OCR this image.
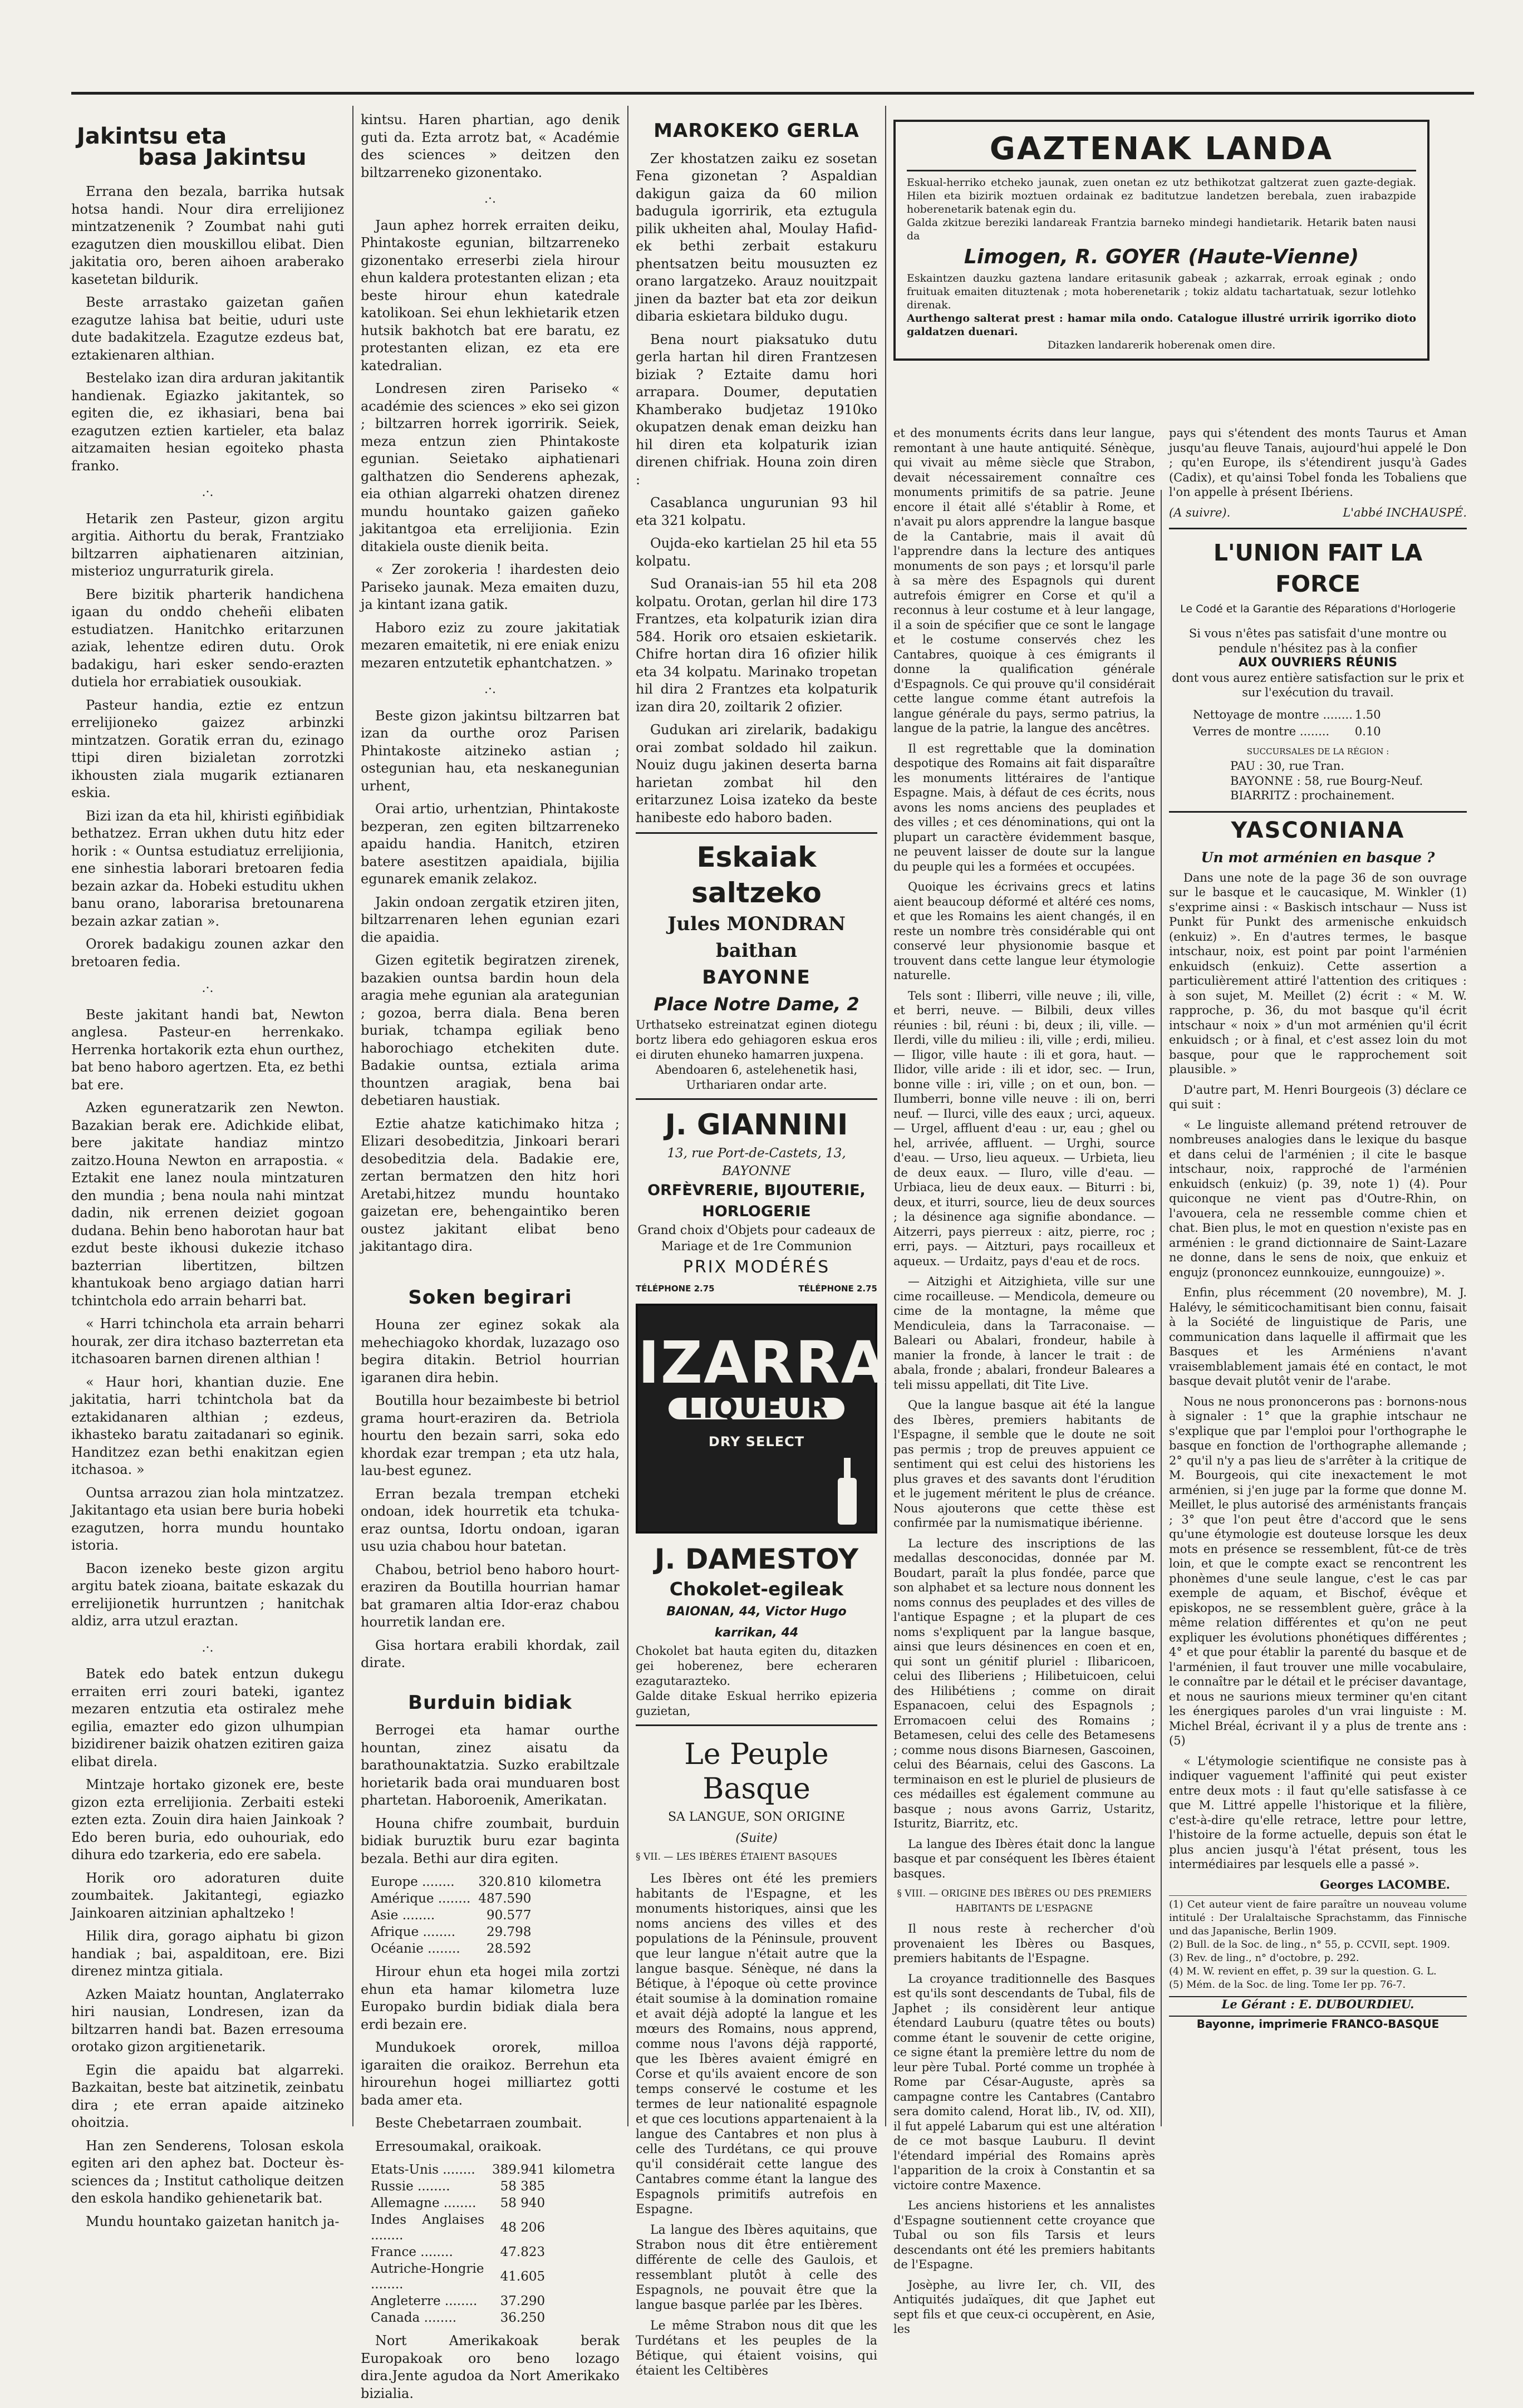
Jakintsu eta
basa Jakintsu

Errana den bezala, barrika hutsak hotsa handi. Nour dira errelijionez mintzatzenenik ? Zoumbat nahi guti ezagutzen dien mouskillou elibat. Dien jakitatia oro, beren aihoen araberako kasetetan bildurik.

Beste arrastako gaizetan gañen ezagutze lahisa bat beitie, uduri uste dute badakitzela. Ezagutze ezdeus bat, eztakienaren althian.

Bestelako izan dira arduran jakitantik handienak. Egiazko jakitantek, so egiten die, ez ikhasiari, bena bai ezagutzen eztien kartieler, eta balaz aitzamaiten hesian egoiteko phasta franko.

.·.

Hetarik zen Pasteur, gizon argitu argitia. Aithortu du berak, Frantziako biltzarren aiphatienaren aitzinian, misterioz ungurraturik girela.

Bere bizitik pharterik handichena igaan du onddo cheheñi elibaten estudiatzen. Hanitchko eritarzunen aziak, lehentze ediren dutu. Orok badakigu, hari esker sendo-erazten dutiela hor errabiatiek ousoukiak.

Pasteur handia, eztie ez entzun errelijioneko gaizez arbinzki mintzatzen. Goratik erran du, ezinago ttipi diren bizialetan zorrotzki ikhousten ziala mugarik eztianaren eskia.

Bizi izan da eta hil, khiristi egiñbidiak bethatzez. Erran ukhen dutu hitz eder horik : « Ountsa estudiatuz errelijionia, ene sinhestia laborari bretoaren fedia bezain azkar da. Hobeki estuditu ukhen banu orano, laborarisa bretounarena bezain azkar zatian ».

Ororek badakigu zounen azkar den bretoaren fedia.

.·.

Beste jakitant handi bat, Newton anglesa. Pasteur-en herrenkako. Herrenka hortakorik ezta ehun ourthez, bat beno haboro agertzen. Eta, ez bethi bat ere.

Azken eguneratzarik zen Newton. Bazakian berak ere. Adichkide elibat, bere jakitate handiaz mintzo zaitzo.Houna Newton en arrapostia. « Eztakit ene lanez noula mintzaturen den mundia ; bena noula nahi mintzat dadin, nik errenen deiziet gogoan dudana. Behin beno haborotan haur bat ezdut beste ikhousi dukezie itchaso bazterrian libertitzen, biltzen khantukoak beno argiago datian harri tchintchola edo arrain beharri bat.

« Harri tchinchola eta arrain beharri hourak, zer dira itchaso bazterretan eta itchasoaren barnen direnen althian !

« Haur hori, khantian duzie. Ene jakitatia, harri tchintchola bat da eztakidanaren althian ; ezdeus, ikhasteko baratu zaitadanari so eginik. Handitzez ezan bethi enakitzan egien itchasoa. »

Ountsa arrazou zian hola mintzatzez. Jakitantago eta usian bere buria hobeki ezagutzen, horra mundu hountako istoria.

Bacon izeneko beste gizon argitu argitu batek zioana, baitate eskazak du errelijionetik hurruntzen ; hanitchak aldiz, arra utzul eraztan.

.·.

Batek edo batek entzun dukegu erraiten erri zouri bateki, igantez mezaren entzutia eta ostiralez mehe egilia, emazter edo gizon ulhumpian bizidirener baizik ohatzen ezitiren gaiza elibat direla.

Mintzaje hortako gizonek ere, beste gizon ezta errelijionia. Zerbaiti esteki ezten ezta. Zouin dira haien Jainkoak ? Edo beren buria, edo ouhouriak, edo dihura edo tzarkeria, edo ere sabela.

Horik oro adoraturen duite zoumbaitek. Jakitantegi, egiazko Jainkoaren aitzinian aphaltzeko !

Hilik dira, gorago aiphatu bi gizon handiak ; bai, aspalditoan, ere. Bizi direnez mintza gitiala.

Azken Maiatz hountan, Anglaterrako hiri nausian, Londresen, izan da biltzarren handi bat. Bazen erresouma orotako gizon argitienetarik.

Egin die apaidu bat algarreki. Bazkaitan, beste bat aitzinetik, zeinbatu dira ; ete erran apaide aitzineko ohoitzia.

Han zen Senderens, Tolosan eskola egiten ari den aphez bat. Docteur ès-sciences da ; Institut catholique deitzen den eskola handiko gehienetarik bat.

Mundu hountako gaizetan hanitch ja-

kintsu. Haren phartian, ago denik guti da. Ezta arrotz bat, « Académie des sciences » deitzen den biltzarreneko gizonentako.

.·.

Jaun aphez horrek erraiten deiku, Phintakoste egunian, biltzarreneko gizonentako erreserbi ziela hirour ehun kaldera protestanten elizan ; eta beste hirour ehun katedrale katolikoan. Sei ehun lekhietarik etzen hutsik bakhotch bat ere baratu, ez protestanten elizan, ez eta ere katedralian.

Londresen ziren Pariseko « académie des sciences » eko sei gizon ; biltzarren horrek igorririk. Seiek, meza entzun zien Phintakoste egunian. Seietako aiphatienari galthatzen dio Senderens aphezak, eia othian algarreki ohatzen direnez mundu hountako gaizen gañeko jakitantgoa eta errelijionia. Ezin ditakiela ouste dienik beita.

« Zer zorokeria ! ihardesten deio Pariseko jaunak. Meza emaiten duzu, ja kintant izana gatik.

Haboro eziz zu zoure jakitatiak mezaren emaitetik, ni ere eniak enizu mezaren entzutetik ephantchatzen. »

.·.

Beste gizon jakintsu biltzarren bat izan da ourthe oroz Parisen Phintakoste aitzineko astian ; ostegunian hau, eta neskanegunian urhent,

Orai artio, urhentzian, Phintakoste bezperan, zen egiten biltzarreneko apaidu handia. Hanitch, etziren batere asestitzen apaidiala, bijilia egunarek emanik zelakoz.

Jakin ondoan zergatik etziren jiten, biltzarrenaren lehen egunian ezari die apaidia.

Gizen egitetik begiratzen zirenek, bazakien ountsa bardin houn dela aragia mehe egunian ala arategunian ; gozoa, berra diala. Bena beren buriak, tchampa egiliak beno haborochiago etchekiten dute. Badakie ountsa, eztiala arima thountzen aragiak, bena bai debetiaren haustiak.

Eztie ahatze katichimako hitza ; Elizari desobeditzia, Jinkoari berari desobeditzia dela. Badakie ere, zertan bermatzen den hitz hori Aretabi,hitzez mundu hountako gaizetan ere, behengaintiko beren oustez jakitant elibat beno jakitantago dira.

Soken begirari

Houna zer eginez sokak ala mehechiagoko khordak, luzazago oso begira ditakin. Betriol hourrian igaranen dira hebin.

Boutilla hour bezaimbeste bi betriol grama hourt-eraziren da. Betriola hourtu den bezain sarri, soka edo khordak ezar trempan ; eta utz hala, lau-best egunez.

Erran bezala trempan etcheki ondoan, idek hourretik eta tchuka-eraz ountsa, Idortu ondoan, igaran usu uzia chabou hour batetan.

Chabou, betriol beno haboro hourt-eraziren da Boutilla hourrian hamar bat gramaren altia Idor-eraz chabou hourretik landan ere.

Gisa hortara erabili khordak, zail dirate.

Burduin bidiak

Berrogei eta hamar ourthe hountan, zinez aisatu da barathounaktatzia. Suzko erabiltzale horietarik bada orai munduaren bost phartetan. Haboroenik, Amerikatan.

Houna chifre zoumbait, burduin bidiak buruztik buru ezar baginta bezala. Bethi aur dira egiten.

Europe ........	320.810	kilometra
Amérique ........	487.590	
Asie ........	90.577	
Afrique ........	29.798	
Océanie ........	28.592	

Hirour ehun eta hogei mila zortzi ehun eta hamar kilometra luze Europako burdin bidiak diala bera erdi bezain ere.

Mundukoek ororek, milloa igaraiten die oraikoz. Berrehun eta hirourehun hogei milliartez gotti bada amer eta.

Beste Chebetarraen zoumbait.

Erresoumakal, oraikoak.

Etats-Unis ........	389.941	kilometra
Russie ........	58 385	
Allemagne ........	58 940	
Indes Anglaises ........	48 206	
France ........	47.823	
Autriche-Hongrie ........	41.605	
Angleterre ........	37.290	
Canada ........	36.250	

Nort Amerikakoak berak Europakoak oro beno lozago dira.Jente agudoa da Nort Amerikako bizialia.

MAROKEKO GERLA

Zer khostatzen zaiku ez sosetan Fena gizonetan ? Aspaldian dakigun gaiza da 60 milion badugula igorririk, eta eztugula pilik ukheiten ahal, Moulay Hafid-ek bethi zerbait estakuru phentsatzen beitu mousuzten ez orano largatzeko. Arauz nouitzpait jinen da bazter bat eta zor deikun dibaria eskietara bilduko dugu.

Bena nourt piaksatuko dutu gerla hartan hil diren Frantzesen biziak ? Eztaite damu hori arrapara. Doumer, deputatien Khamberako budjetaz 1910ko okupatzen denak eman deizku han hil diren eta kolpaturik izian direnen chifriak. Houna zoin diren :

Casablanca ungurunian 93 hil eta 321 kolpatu.

Oujda-eko kartielan 25 hil eta 55 kolpatu.

Sud Oranais-ian 55 hil eta 208 kolpatu. Orotan, gerlan hil dire 173 Frantzes, eta kolpaturik izian dira 584. Horik oro etsaien eskietarik. Chifre hortan dira 16 ofizier hilik eta 34 kolpatu. Marinako tropetan hil dira 2 Frantzes eta kolpaturik izan dira 20, zoiltarik 2 ofizier.

Gudukan ari zirelarik, badakigu orai zombat soldado hil zaikun. Nouiz dugu jakinen deserta barna harietan zombat hil den eritarzunez Loisa izateko da beste hanibeste edo haboro baden.

Eskaiak saltzeko
Jules MONDRAN baithan
BAYONNE
Place Notre Dame, 2
Urthatseko estreinatzat eginen diotegu bortz libera edo gehiagoren eskua eros ei diruten ehuneko hamarren juxpena.
Abendoaren 6, astelehenetik hasi, Urthariaren ondar arte.
J. GIANNINI
13, rue Port-de-Castets, 13, BAYONNE
ORFÈVRERIE, BIJOUTERIE,
HORLOGERIE
Grand choix d'Objets pour cadeaux de Mariage et de 1re Communion
PRIX MODÉRÉS
TÉLÉPHONE 2.75	TÉLÉPHONE 2.75
IZARRA
LIQUEUR
DRY SELECT
J. DAMESTOY
Chokolet-egileak
BAIONAN, 44, Victor Hugo karrikan, 44
Chokolet bat hauta egiten du, ditazken gei hoberenez, bere echeraren ezagutarazteko.
Galde ditake Eskual herriko epizeria guzietan,
Le Peuple Basque
SA LANGUE, SON ORIGINE
(Suite)

§ VII. — LES IBÈRES ÉTAIENT BASQUES

Les Ibères ont été les premiers habitants de l'Espagne, et les monuments historiques, ainsi que les noms anciens des villes et des populations de la Péninsule, prouvent que leur langue n'était autre que la langue basque. Sénèque, né dans la Bétique, à l'époque où cette province était soumise à la domination romaine et avait déjà adopté la langue et les mœurs des Romains, nous apprend, comme nous l'avons déjà rapporté, que les Ibères avaient émigré en Corse et qu'ils avaient encore de son temps conservé le costume et les termes de leur nationalité espagnole et que ces locutions appartenaient à la langue des Cantabres et non plus à celle des Turdétans, ce qui prouve qu'il considérait cette langue des Cantabres comme étant la langue des Espagnols primitifs autrefois en Espagne.

La langue des Ibères aquitains, que Strabon nous dit être entièrement différente de celle des Gaulois, et ressemblant plutôt à celle des Espagnols, ne pouvait être que la langue basque parlée par les Ibères.

Le même Strabon nous dit que les Turdétans et les peuples de la Bétique, qui étaient voisins, qui étaient les Celtibères

GAZTENAK LANDA
Eskual-herriko etcheko jaunak, zuen onetan ez utz bethikotzat galtzerat zuen gazte-degiak. Hilen eta bizirik moztuen ordainak ez baditutzue landetzen berebala, zuen irabazpide hoberenetarik batenak egin du.
Galda zkitzue bereziki landareak Frantzia barneko mindegi handietarik. Hetarik baten nausi da
Limogen, R. GOYER (Haute-Vienne)
Eskaintzen dauzku gaztena landare eritasunik gabeak ; azkarrak, erroak eginak ; ondo fruituak emaiten dituztenak ; mota hoberenetarik ; tokiz aldatu tachartatuak, sezur lotlehko direnak.
Aurthengo salterat prest : hamar mila ondo. Catalogue illustré urririk igorriko dioto galdatzen duenari.
Ditazken landarerik hoberenak omen dire.

et des monuments écrits dans leur langue, remontant à une haute antiquité. Sénèque, qui vivait au même siècle que Strabon, devait nécessairement connaître ces monuments primitifs de sa patrie. Jeune encore il était allé s'établir à Rome, et n'avait pu alors apprendre la langue basque de la Cantabrie, mais il avait dû l'apprendre dans la lecture des antiques monuments de son pays ; et lorsqu'il parle à sa mère des Espagnols qui durent autrefois émigrer en Corse et qu'il a reconnus à leur costume et à leur langage, il a soin de spécifier que ce sont le langage et le costume conservés chez les Cantabres, quoique à ces émigrants il donne la qualification générale d'Espagnols. Ce qui prouve qu'il considérait cette langue comme étant autrefois la langue générale du pays, sermo patrius, la langue de la patrie, la langue des ancêtres.

Il est regrettable que la domination despotique des Romains ait fait disparaître les monuments littéraires de l'antique Espagne. Mais, à défaut de ces écrits, nous avons les noms anciens des peuplades et des villes ; et ces dénominations, qui ont la plupart un caractère évidemment basque, ne peuvent laisser de doute sur la langue du peuple qui les a formées et occupées.

Quoique les écrivains grecs et latins aient beaucoup déformé et altéré ces noms, et que les Romains les aient changés, il en reste un nombre très considérable qui ont conservé leur physionomie basque et trouvent dans cette langue leur étymologie naturelle.

Tels sont : Iliberri, ville neuve ; ili, ville, et berri, neuve. — Bilbili, deux villes réunies : bil, réuni : bi, deux ; ili, ville. — Ilerdi, ville du milieu : ili, ville ; erdi, milieu. — Iligor, ville haute : ili et gora, haut. — Ilidor, ville aride : ili et idor, sec. — Irun, bonne ville : iri, ville ; on et oun, bon. — Ilumberri, bonne ville neuve : ili on, berri neuf. — Ilurci, ville des eaux ; urci, aqueux. — Urgel, affluent d'eau : ur, eau ; ghel ou hel, arrivée, affluent. — Urghi, source d'eau. — Urso, lieu aqueux. — Urbieta, lieu de deux eaux. — Iluro, ville d'eau. — Urbiaca, lieu de deux eaux. — Biturri : bi, deux, et iturri, source, lieu de deux sources ; la désinence aga signifie abondance. — Aitzerri, pays pierreux : aitz, pierre, roc ; erri, pays. — Aitzturi, pays rocailleux et aqueux. — Urdaitz, pays d'eau et de rocs.

— Aitzighi et Aitzighieta, ville sur une cime rocailleuse. — Mendicola, demeure ou cime de la montagne, la même que Mendiculeia, dans la Tarraconaise. — Baleari ou Abalari, frondeur, habile à manier la fronde, à lancer le trait : de abala, fronde ; abalari, frondeur Baleares a teli missu appellati, dit Tite Live.

Que la langue basque ait été la langue des Ibères, premiers habitants de l'Espagne, il semble que le doute ne soit pas permis ; trop de preuves appuient ce sentiment qui est celui des historiens les plus graves et des savants dont l'érudition et le jugement méritent le plus de créance. Nous ajouterons que cette thèse est confirmée par la numismatique ibérienne.

La lecture des inscriptions de las medallas desconocidas, donnée par M. Boudart, paraît la plus fondée, parce que son alphabet et sa lecture nous donnent les noms connus des peuplades et des villes de l'antique Espagne ; et la plupart de ces noms s'expliquent par la langue basque, ainsi que leurs désinences en coen et en, qui sont un génitif pluriel : Ilibaricoen, celui des Iliberiens ; Hilibetuicoen, celui des Hilibétiens ; comme on dirait Espanacoen, celui des Espagnols ; Erromacoen celui des Romains ; Betamesen, celui des celle des Betamesens ; comme nous disons Biarnesen, Gascoinen, celui des Béarnais, celui des Gascons. La terminaison en est le pluriel de plusieurs de ces médailles est également commune au basque ; nous avons Garriz, Ustaritz, Isturitz, Biarritz, etc.

La langue des Ibères était donc la langue basque et par conséquent les Ibères étaient basques.

§ VIII. — ORIGINE DES IBÈRES OU DES PREMIERS HABITANTS DE L'ESPAGNE

Il nous reste à rechercher d'où provenaient les Ibères ou Basques, premiers habitants de l'Espagne.

La croyance traditionnelle des Basques est qu'ils sont descendants de Tubal, fils de Japhet ; ils considèrent leur antique étendard Lauburu (quatre têtes ou bouts) comme étant le souvenir de cette origine, ce signe étant la première lettre du nom de leur père Tubal. Porté comme un trophée à Rome par César-Auguste, après sa campagne contre les Cantabres (Cantabro sera domito calend, Horat lib., IV, od. XII), il fut appelé Labarum qui est une altération de ce mot basque Lauburu. Il devint l'étendard impérial des Romains après l'apparition de la croix à Constantin et sa victoire contre Maxence.

Les anciens historiens et les annalistes d'Espagne soutiennent cette croyance que Tubal ou son fils Tarsis et leurs descendants ont été les premiers habitants de l'Espagne.

Josèphe, au livre Ier, ch. VII, des Antiquités judaïques, dit que Japhet eut sept fils et que ceux-ci occupèrent, en Asie, les

pays qui s'étendent des monts Taurus et Aman jusqu'au fleuve Tanais, aujourd'hui appelé le Don ; qu'en Europe, ils s'étendirent jusqu'à Gades (Cadix), et qu'ainsi Tobel fonda les Tobaliens que l'on appelle à présent Ibériens.

(A suivre).	L'abbé INCHAUSPÉ.
L'UNION FAIT LA FORCE
Le Codé et la Garantie des Réparations d'Horlogerie
Si vous n'êtes pas satisfait d'une montre ou pendule n'hésitez pas à la confier
AUX OUVRIERS RÉUNIS
dont vous aurez entière satisfaction sur le prix et sur l'exécution du travail.
Nettoyage de montre ........	1.50	
Verres de montre ........	0.10	
SUCCURSALES DE LA RÉGION :
PAU : 30, rue Tran.
BAYONNE : 58, rue Bourg-Neuf.
BIARRITZ : prochainement.
YASCONIANA
Un mot arménien en basque ?

Dans une note de la page 36 de son ouvrage sur le basque et le caucasique, M. Winkler (1) s'exprime ainsi : « Baskisch intschaur — Nuss ist Punkt für Punkt des armenische enkuidsch (enkuiz) ». En d'autres termes, le basque intschaur, noix, est point par point l'arménien enkuidsch (enkuiz). Cette assertion a particulièrement attiré l'attention des critiques : à son sujet, M. Meillet (2) écrit : « M. W. rapproche, p. 36, du mot basque qu'il écrit intschaur « noix » d'un mot arménien qu'il écrit enkuidsch ; or à final, et c'est assez loin du mot basque, pour que le rapprochement soit plausible. »

D'autre part, M. Henri Bourgeois (3) déclare ce qui suit :

« Le linguiste allemand prétend retrouver de nombreuses analogies dans le lexique du basque et dans celui de l'arménien ; il cite le basque intschaur, noix, rapproché de l'arménien enkuidsch (enkuiz) (p. 39, note 1) (4). Pour quiconque ne vient pas d'Outre-Rhin, on l'avouera, cela ne ressemble comme chien et chat. Bien plus, le mot en question n'existe pas en arménien : le grand dictionnaire de Saint-Lazare ne donne, dans le sens de noix, que enkuiz et engujz (prononcez eunnkouize, eunngouize) ».

Enfin, plus récemment (20 novembre), M. J. Halévy, le sémiticochamitisant bien connu, faisait à la Société de linguistique de Paris, une communication dans laquelle il affirmait que les Basques et les Arméniens n'avant vraisemblablement jamais été en contact, le mot basque devait plutôt venir de l'arabe.

Nous ne nous prononcerons pas : bornons-nous à signaler : 1° que la graphie intschaur ne s'explique que par l'emploi pour l'orthographe le basque en fonction de l'orthographe allemande ; 2° qu'il n'y a pas lieu de s'arrêter à la critique de M. Bourgeois, qui cite inexactement le mot arménien, si j'en juge par la forme que donne M. Meillet, le plus autorisé des arménistants français ; 3° que l'on peut être d'accord que le sens qu'une étymologie est douteuse lorsque les deux mots en présence se ressemblent, fût-ce de très loin, et que le compte exact se rencontrent les phonèmes d'une seule langue, c'est le cas par exemple de aquam, et Bischof, évêque et episkopos, ne se ressemblent guère, grâce à la même relation différentes et qu'on ne peut expliquer les évolutions phonétiques différentes ; 4° et que pour établir la parenté du basque et de l'arménien, il faut trouver une mille vocabulaire, le connaître par le détail et le préciser davantage, et nous ne saurions mieux terminer qu'en citant les énergiques paroles d'un vrai linguiste : M. Michel Bréal, écrivant il y a plus de trente ans : (5)

« L'étymologie scientifique ne consiste pas à indiquer vaguement l'affinité qui peut exister entre deux mots : il faut qu'elle satisfasse à ce que M. Littré appelle l'historique et la filière, c'est-à-dire qu'elle retrace, lettre pour lettre, l'histoire de la forme actuelle, depuis son état le plus ancien jusqu'à l'état présent, tous les intermédiaires par lesquels elle a passé ».

Georges LACOMBE.
(1) Cet auteur vient de faire paraître un nouveau volume intitulé : Der Uralaltaische Sprachstamm, das Finnische und das Japanische, Berlin 1909.
(2) Bull. de la Soc. de ling., n° 55, p. CCVII, sept. 1909.
(3) Rev. de ling., n° d'octobre, p. 292.
(4) M. W. revient en effet, p. 39 sur la question. G. L.
(5) Mém. de la Soc. de ling. Tome Ier pp. 76-7.
Le Gérant : E. DUBOURDIEU.
Bayonne, imprimerie FRANCO-BASQUE
